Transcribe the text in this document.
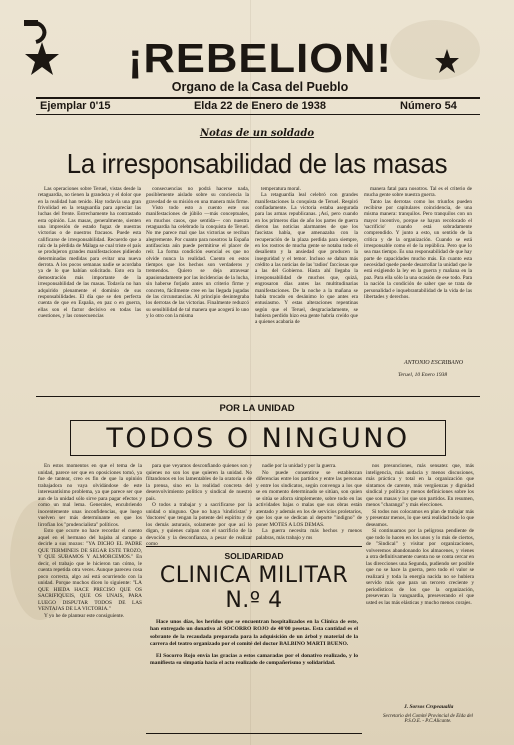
¡REBELION!
Organo de la Casa del Pueblo
Ejemplar 0'15	Elda 22 de Enero de 1938	Número 54
Notas de un soldado
La irresponsabilidad de las masas

Las operaciones sobre Teruel, vistas desde la retaguardia, no tienen la grandeza y el dolor que en la realidad han tenido. Hay todavía una gran frivolidad en la retaguardia para apreciar las luchas del frente. Estrechamente ha contrastado esta opinión. Las masas, generalmente, sienten una impresión de estado fugaz de nuestras victorias o de nuestros fracasos. Puede esta calificarse de irresponsabilidad. Recuerdo que a raíz de la pérdida de Málaga se cual triste el país se produjeron grandes manifestaciones pidiendo determinadas medidas para evitar una nueva derrota. A los pocos semanas nadie se acordaba ya de lo que habían solicitado. Esto era la demostración más importante de la irresponsabilidad de las masas. Todavía no han adquirido plenamente el dominio de sus responsabilidades. El día que se den perfecta cuenta de que en España, en paz o en guerra, ellas son el factor decisivo en todas las cuestiones, y las consecuencias

consecuencias no podrá hacerse nada, posiblemente aislado sobre su conciencia la gravedad de su misión en una manera más firme.

Visto todo esto a cuento este sus manifestaciones de júbilo —más conceptuales, en muchos casos, que sentida— con nuestra retaguardia ha celebrado la conquista de Teruel. No me parece mal que las victorias se reciban alegremente. Por cuanto para nosotros la España antifascista aún puede permitirse el placer de reír. La forma condición esencial es que no olvide nunca la realidad. Cuento en estos tiempos que los hechos son verdaderos y tremendos. Quiero se deja atravesar apasionadamente por las incidencias de la lucha, sin haberse forjado antes un criterio firme y concreto, fácilmente cree en las llegada jugadas de las circunstancias. Al principio desintegraba los derrotas de las victorias. Finalmente reduzcó su sensibilidad de tal manera que acogerá lo uno y lo otro con la misma

temperatura moral.

La retaguardia leal celebró con grandes manifestaciones la conquista de Teruel. Respiró confiadamente. La victoria estaba asegurada para las armas republicanas. ¡Así, pero cuando en los primeros días de año los partes de guerra dieron las noticias alarmantes de que los fascistas había, que amenazaba con la recuperación de la plaza perdida para siempre, en los rostros de mucha gente se notaba todo el desaliento y la ansiedad que producen la inseguridad y el temor. Incluso se daban más crédito a las noticias de las 'radios' facciosas que a las del Gobierno. Hasta ahí llegaba la irresponsabilidad de muchos que, quizá, engrosaron días antes las multitudinarias manifestaciones. De la noche a la mañana se había trocado en desánimo lo que antes era entusiasmo. Y estas alteraciones repentinas según que el Teruel, desgraciadamente, se hubiera perdido hizo esa gente habría creído que a quienes acabaria de

manera fatal para nosotros. Tal es el criterio de mucha gente sobre nuestra guerra.

Tanto las derrotas como los triunfos pueden recibirse por capitulares coincidencia, de una misma manera: tranquilos. Pero tranquilos con un mayor incentivo, porque se hayan recolocado el 'sacrificio' cuando está sobradamente comprendido. Y junto a esto, un sentido de la crítica y de la organización. Cuando se está irresponsable como el de la república. Pero que lo sea mas tiempo. Es una responsabilidad de que hay parte de capacidades mucho más. En cuanto esta necesidad quede puede desarrollar la unidad que le está exigiendo la ley en la guerra y mañana en la paz. Para ella sólo la una ocasión de ese todo. Para la nación la condición de saber que se trata de personalidad e inquebrantabilidad de la vida de las libertades y derechos.

ANTONIO ESCRIBANO
Teruel, 10 Enero 1938
POR LA UNIDAD
TODOS O NINGUNO

En estos momentos en que el tema de la unidad, parece ser que en oposiciones tomó, ya fue de tantear, creo es fin de que la opinión trabajadora no vaya olvidándose de este interesantísimo problema, ya que parece ser que aun de la unidad sólo sirve para pagar efectos y como un mal lema. Generales, encubriendo inocentemente unas inconfidencias, que luego vuelven ser más determinante en que los lirrofían los "prudencialista" políticos.

Esto que ocurre no hace recordar el cuento aquel en el hermano del bajaba al campo a decirle a sus mozos: "YA DICHO EL PADRE QUE TERMINEIS DE SEGAR ESTE TROZO, Y QUE SUBAMOS Y ALMORCEMOS." En decir, el trabajo que le hicieron tan cómo, le cuenta repetida otra veces. Aunque pareceu cosa poco correcta, algo así está ocurriendo con la unidad. Porque muchos dicen lo siguiente: "LA QUE HIEDA HACE PRECISO QUE OS SACRIFIQUEIS, QUE OS UNAIS, PARA LUEGO DISPUTAR TODOS DE LAS VENTAJAS DE LA VICTORIA."

Y yo he de plantear este consiguiente.

para que veyamos desconfiando quienes son y quienes no son los que quieren la unidad. No filtandonos en los lamentables de la oratoria o de la prensa, sino en la realidad concreta del desenvolvimiento político y sindical de nuestro país.

O todos a trabajar y a sacrificarse por la unidad o ninguno. Que no haya 'sindicistas' y 'doctores' que tengan la potente del espíritu y de los demás asturasis, solamente por que así lo digan, y quienes calpan con el sacrificio de la devoción y la desconfianza, a pesar de realizar como

nadie por la unidad y por la guerra.

No puede consentirse se establezcan diferencias entre los partidos y entre las personas y entre los sindicatos, según convenga a los que se en momento determinado se sitúan, son quien se sitúa se aforra simplemente, sobre todo en las actividades bajas o malas que sus obras están atentado y además en los de servicios proletarios, que los que se dedican al deporte "indigno" de poner MOTES A LOS DEMAS.

La guerra necesita más hechos y menos palabras, más trabajo y ms

nos presunciones, más sensatez que, más inteligencia, más audacia y menos discusiones, más práctica y total en la organización que sintamos de carente, más vergüenzas y dignidad sindical y política y menos definiciones sobre los que son masas y los que son partidos. En resumen, menos "charanga" y más elecciones.

Si todos nos colocamos en plan de trabajar más y presentar menos, lo que será realidad todo lo que deseamos.

Si continuamos por la peligrosa pendiente de que todo lo hacen en los unos y lo más de ciertos, de "Sindical" y visitar por organizaciones, volveremos abandonando los almacenes, y vienes a otra definitivamente cuenta no se conta cercar en las direcciones una Segunda, pudiendo ser posible que no se hace la guerra, pero todo el valor se realizará y toda la energía nacida no se hubiera servido más que para un tercero creciente y periodísticos de los que la organización, preseveran la vanguardia, preseverando el que usted es las más elásticas y mucho menos corajes.

J. Sorsos Crspeaualla
Secretario del Comité Provincial de Elda del P.S.O.E. - P.C.Alicante.
SOLIDARIDAD
CLINICA MILITAR N.º 4

Hace unos días, los heridos que se encuentran hospitalizados en la Clínica de este, han entregado un donativo al SOCORRO ROJO de 40'00 pesetas. Esta cantidad es el sobrante de la recaudada preparada para la adquisición de un árbol y material de la carrera del teatro organizado por el comité del doctor BALBINO MARTI BUENO.

El Socorro Rojo envía las gracias a estos camaradas por el donativo realizado, y lo manifiesta su simpatía hacia el acto realizado de compañerismo y solidaridad.
